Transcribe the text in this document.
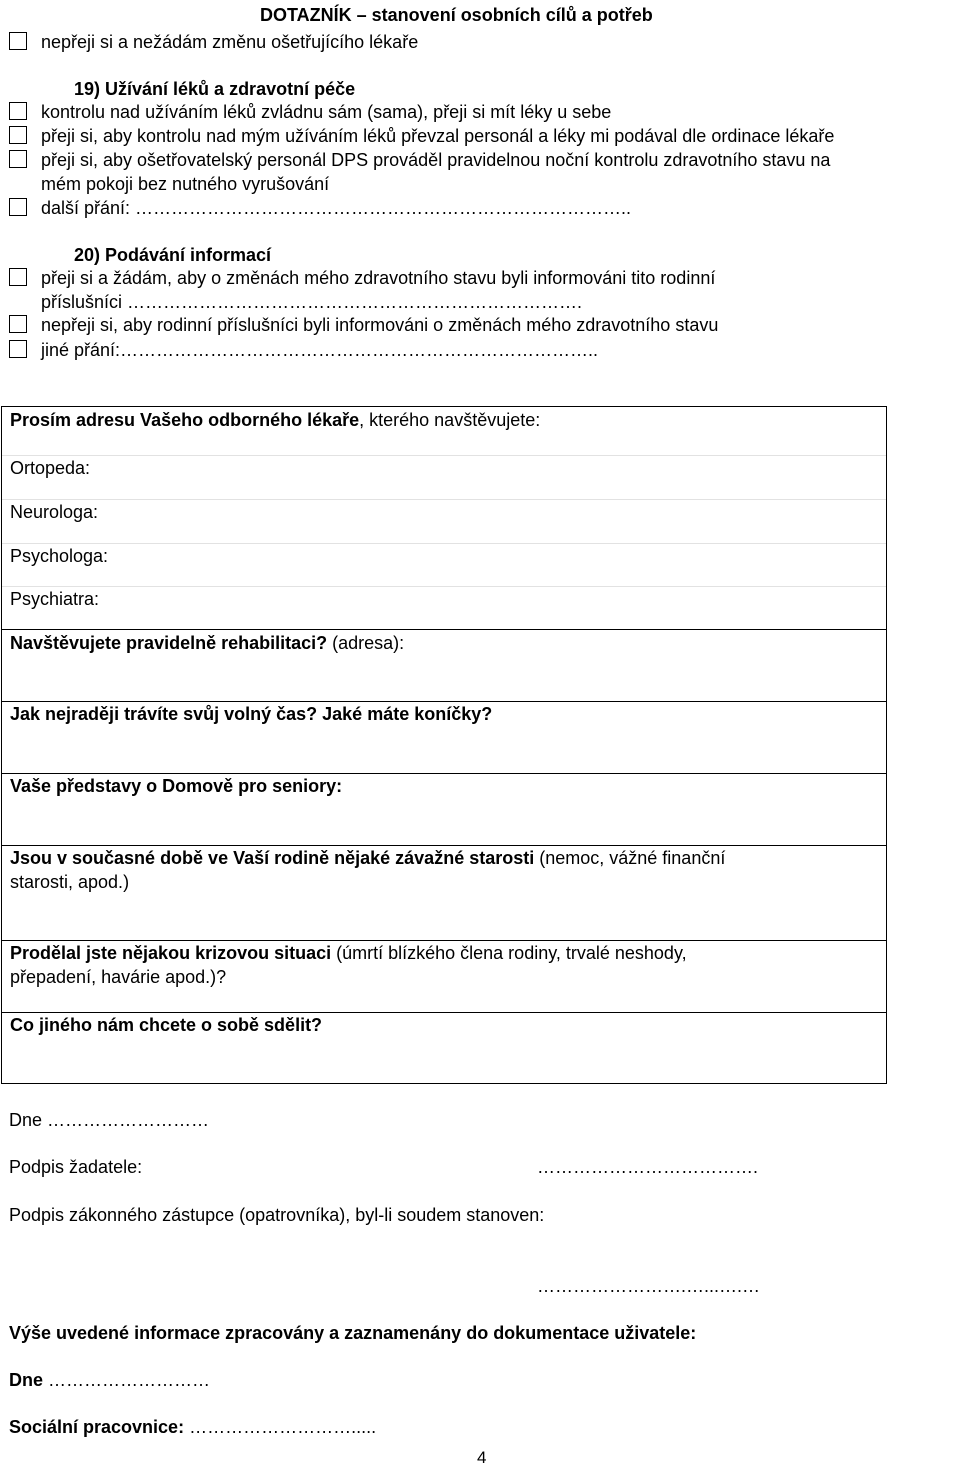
DOTAZNÍK – stanovení osobních cílů a potřeb
nepřeji si a nežádám změnu ošetřujícího lékaře
19) Užívání léků a zdravotní péče
kontrolu nad užíváním léků zvládnu sám (sama), přeji si mít léky u sebe
přeji si, aby kontrolu nad mým užíváním léků převzal personál a léky mi podával dle ordinace lékaře
přeji si, aby ošetřovatelský personál DPS prováděl pravidelnou noční kontrolu zdravotního stavu na
mém pokoji bez nutného vyrušování
další přání: ………………………………………………………………………..
20) Podávání informací
přeji si a žádám, aby o změnách mého zdravotního stavu byli informováni tito rodinní
příslušníci ………………………………………………………………….
nepřeji si, aby rodinní příslušníci byli informováni o změnách mého zdravotního stavu
jiné přání:……………………………………………………………………..
Prosím adresu Vašeho odborného lékaře, kterého navštěvujete:
Ortopeda:
Neurologa:
Psychologa:
Psychiatra:
Navštěvujete pravidelně rehabilitaci? (adresa):
Jak nejraději trávíte svůj volný čas? Jaké máte koníčky?
Vaše představy o Domově pro seniory:
Jsou v současné době ve Vaší rodině nějaké závažné starosti (nemoc, vážné finanční
starosti, apod.)
Prodělal jste nějakou krizovou situaci (úmrtí blízkého člena rodiny, trvalé neshody,
přepadení, havárie apod.)?
Co jiného nám chcete o sobě sdělit?
Dne ………………………
Podpis žadatele:	……………………………….
Podpis zákonného zástupce (opatrovníka), byl-li soudem stanoven:
…………………….…...….…
Výše uvedené informace zpracovány a zaznamenány do dokumentace uživatele:
Dne ………………………
Sociální pracovnice: ……………………….....
4
